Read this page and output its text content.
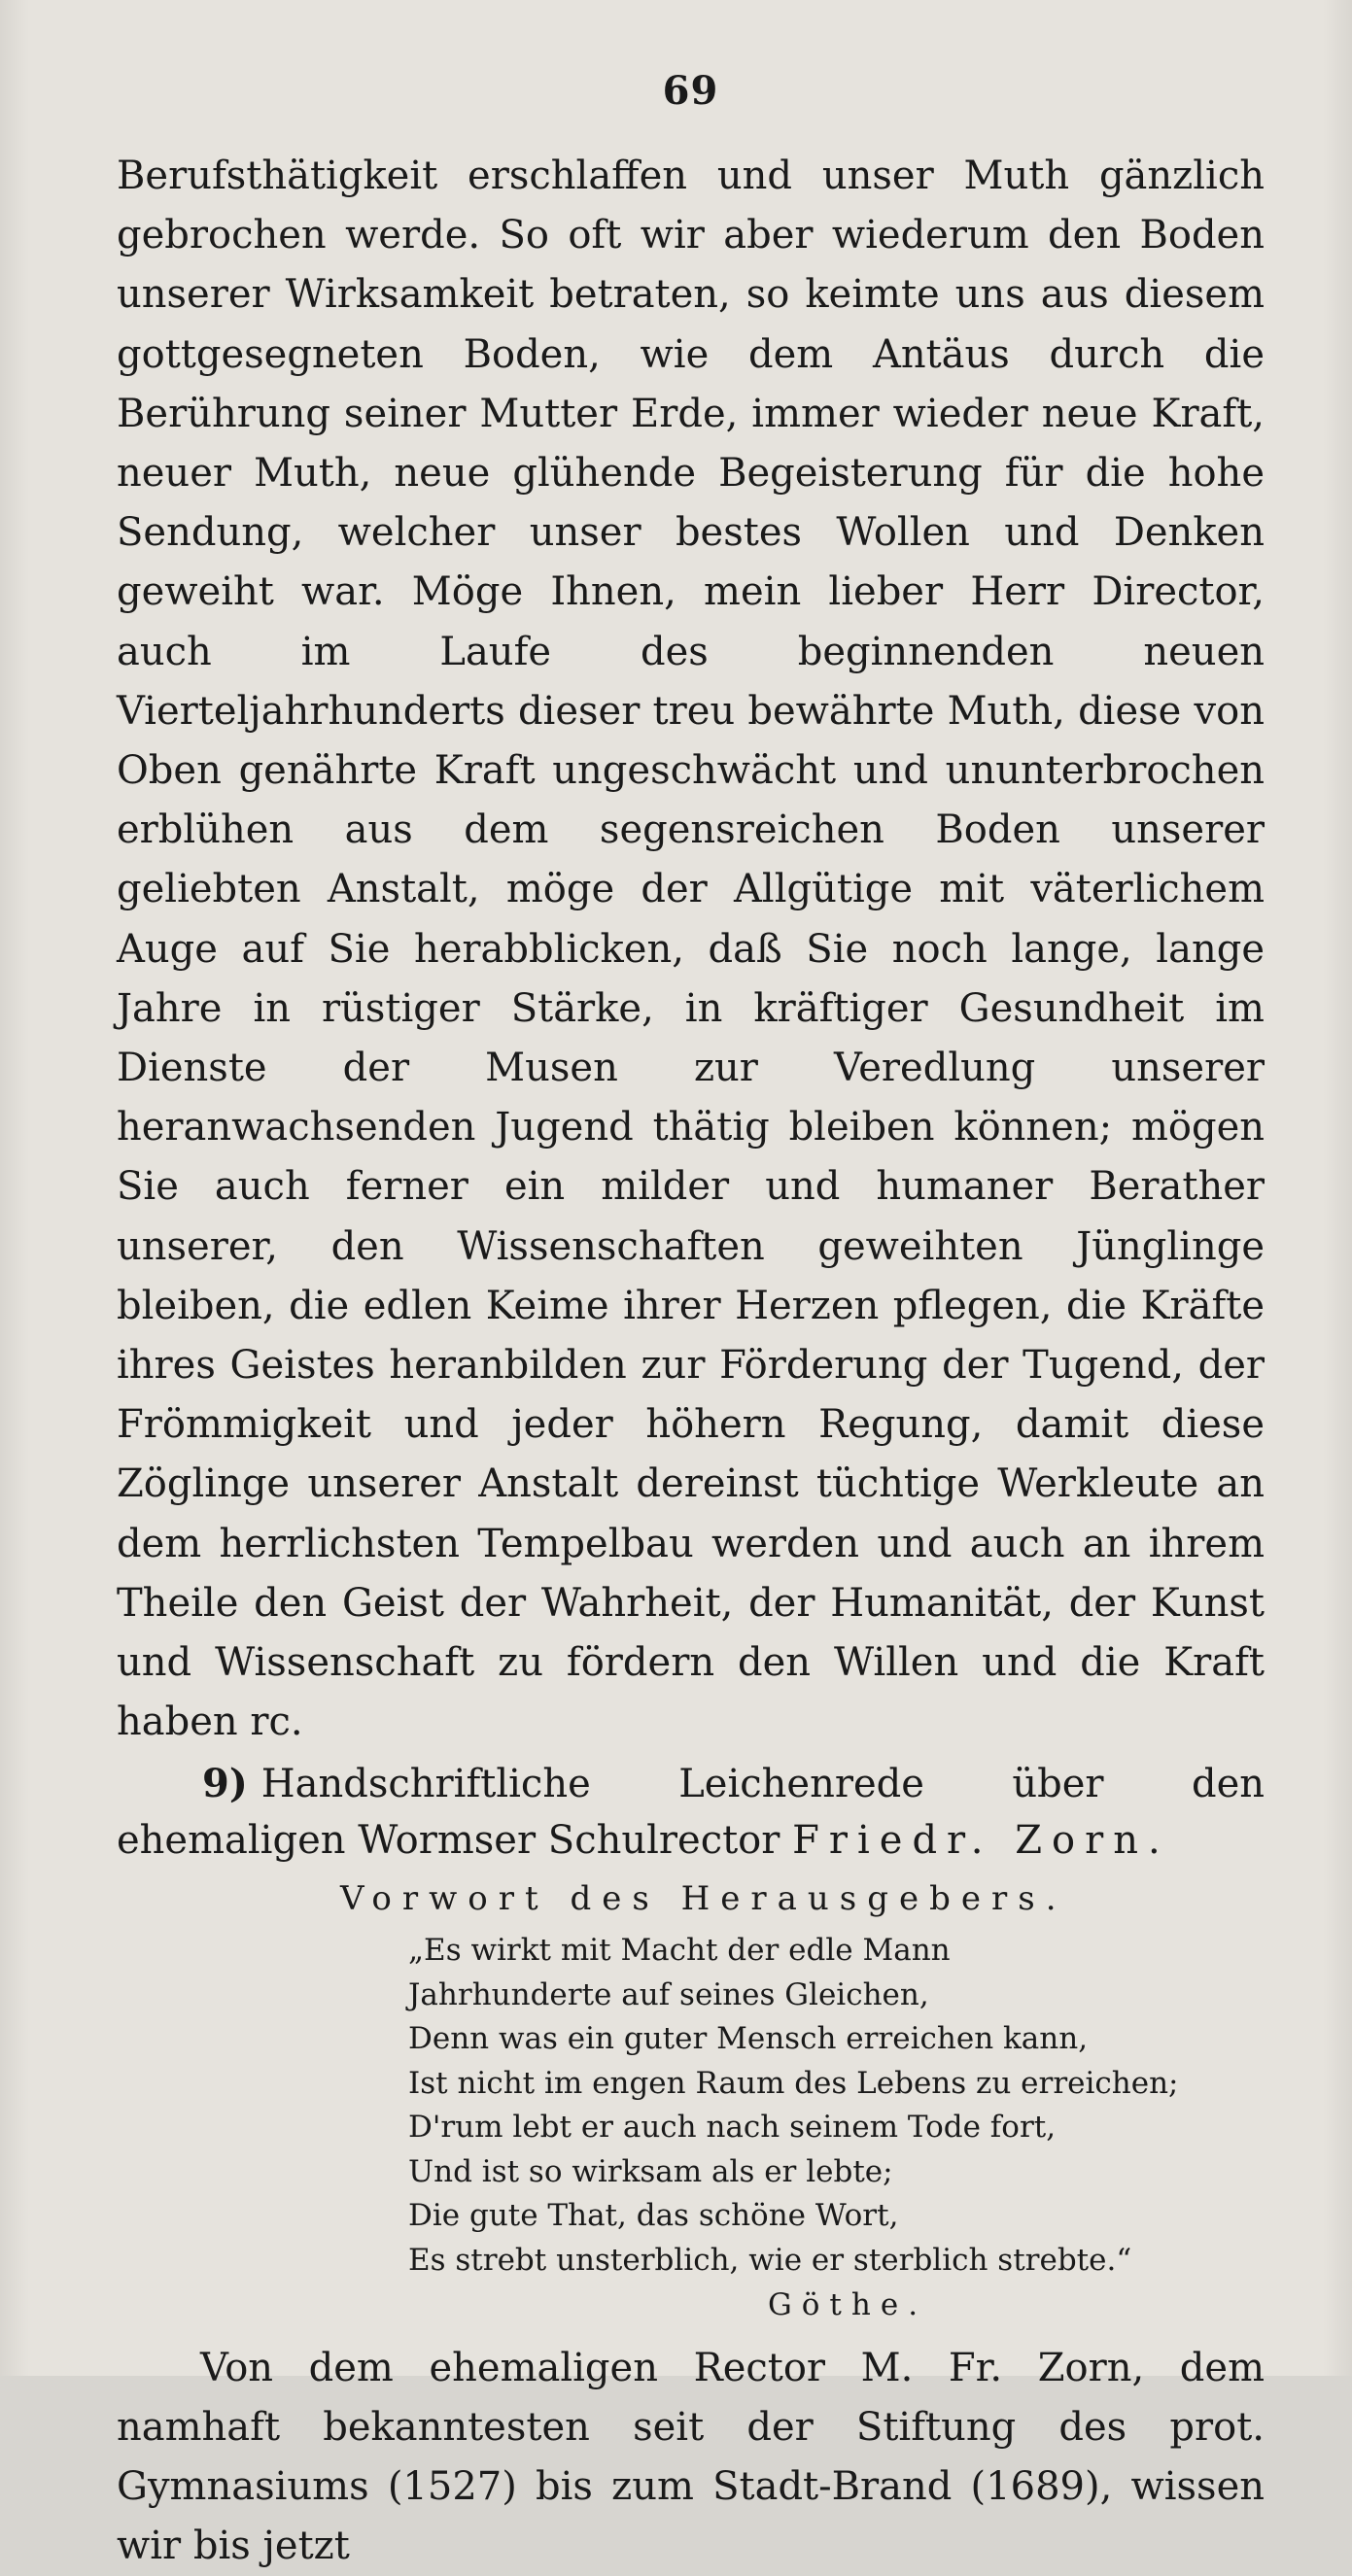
69

Berufsthätigkeit erschlaffen und unser Muth gänzlich gebrochen werde. So oft wir aber wiederum den Boden unserer Wirksamkeit betraten, so keimte uns aus diesem gottgesegneten Boden, wie dem Antäus durch die Berührung seiner Mutter Erde, immer wieder neue Kraft, neuer Muth, neue glühende Begeisterung für die hohe Sendung, welcher unser bestes Wollen und Denken geweiht war. Möge Ihnen, mein lieber Herr Director, auch im Laufe des beginnenden neuen Vierteljahrhunderts dieser treu bewährte Muth, diese von Oben genährte Kraft ungeschwächt und ununterbrochen erblühen aus dem segensreichen Boden unserer geliebten Anstalt, möge der Allgütige mit väterlichem Auge auf Sie herabblicken, daß Sie noch lange, lange Jahre in rüstiger Stärke, in kräftiger Gesundheit im Dienste der Musen zur Veredlung unserer heranwachsenden Jugend thätig bleiben können; mögen Sie auch ferner ein milder und humaner Berather unserer, den Wissenschaften geweihten Jünglinge bleiben, die edlen Keime ihrer Herzen pflegen, die Kräfte ihres Geistes heranbilden zur Förderung der Tugend, der Frömmigkeit und jeder höhern Regung, damit diese Zöglinge unserer Anstalt dereinst tüchtige Werkleute an dem herrlichsten Tempelbau werden und auch an ihrem Theile den Geist der Wahrheit, der Humanität, der Kunst und Wissenschaft zu fördern den Willen und die Kraft haben rc.

9) Handschriftliche Leichenrede über den ehemaligen Wormser Schulrector Friedr. Zorn.
Vorwort des Herausgebers.
„Es wirkt mit Macht der edle Mann
Jahrhunderte auf seines Gleichen,
Denn was ein guter Mensch erreichen kann,
Ist nicht im engen Raum des Lebens zu erreichen;
D'rum lebt er auch nach seinem Tode fort,
Und ist so wirksam als er lebte;
Die gute That, das schöne Wort,
Es strebt unsterblich, wie er sterblich strebte.“
Göthe.
Von dem ehemaligen Rector M. Fr. Zorn, dem namhaft bekanntesten seit der Stiftung des prot. Gymnasiums (1527) bis zum Stadt-Brand (1689), wissen wir bis jetzt
